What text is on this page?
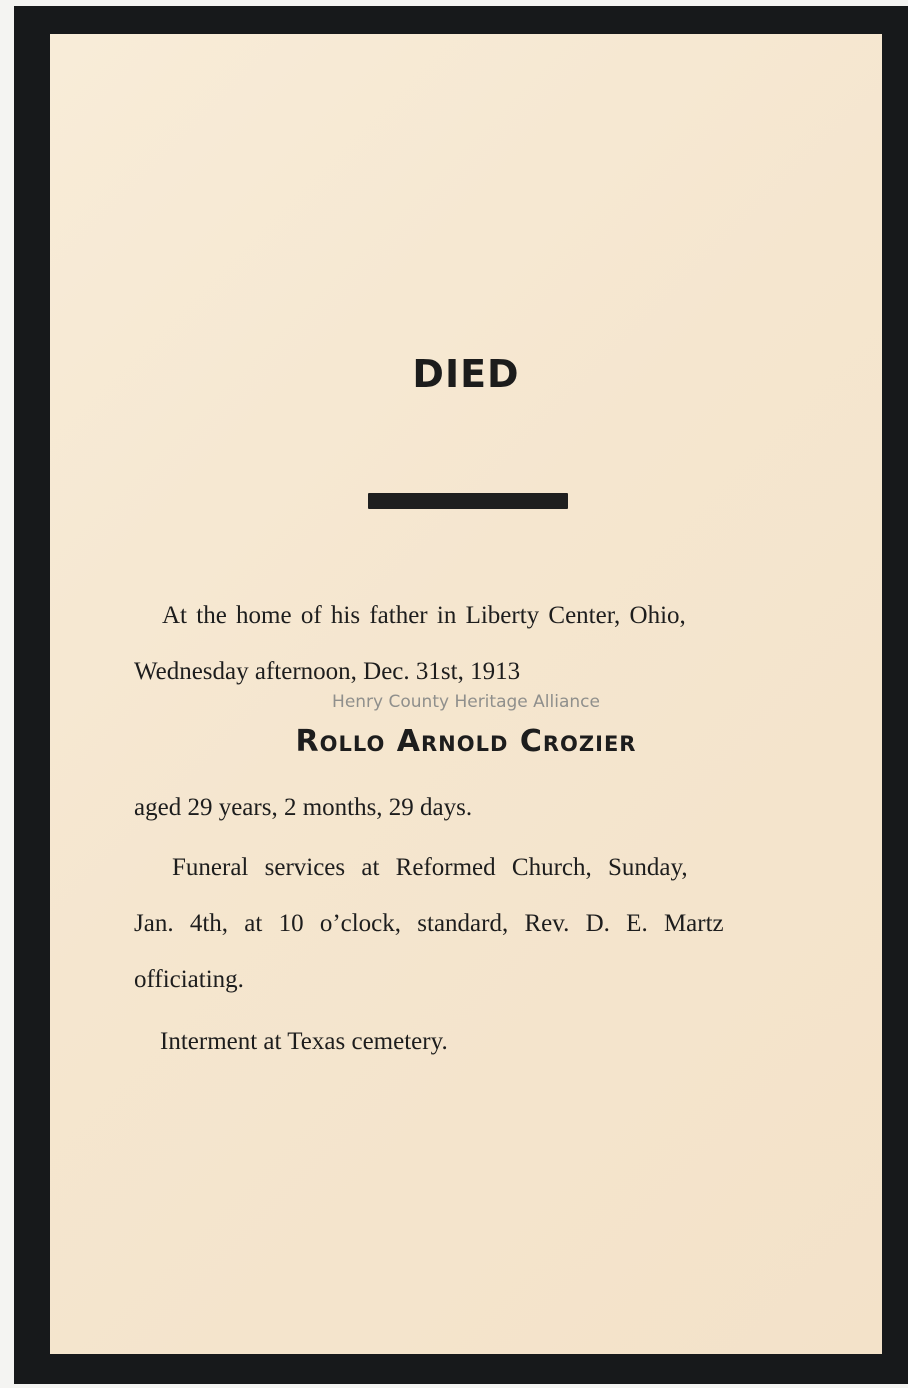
DIED
At the home of his father in Liberty Center, Ohio,
Wednesday afternoon, Dec. 31st, 1913
Henry County Heritage Alliance
Rollo Arnold Crozier
aged 29 years, 2 months, 29 days.
Funeral services at Reformed Church, Sunday,
Jan. 4th, at 10 o’clock, standard, Rev. D. E. Martz
officiating.
Interment at Texas cemetery.
